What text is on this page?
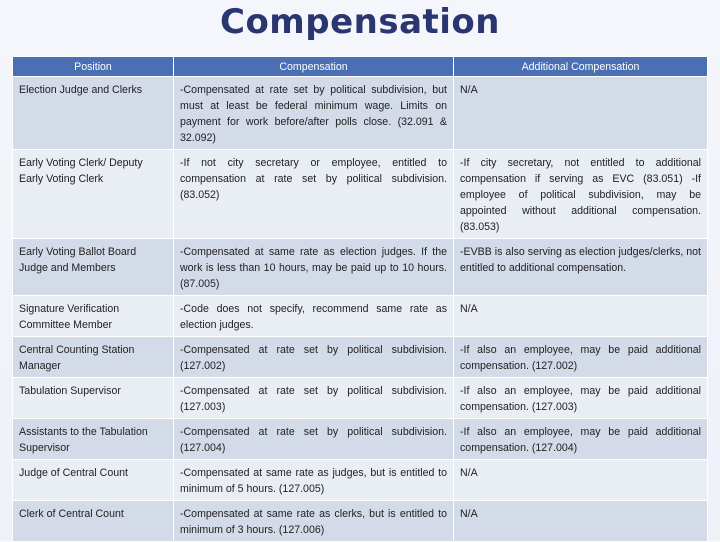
Compensation
Position	Compensation	Additional Compensation
Election Judge and Clerks	-Compensated at rate set by political subdivision, but must at least be federal minimum wage. Limits on payment for work before/after polls close. (32.091 & 32.092)	N/A
Early Voting Clerk/ Deputy Early Voting Clerk	-If not city secretary or employee, entitled to compensation at rate set by political subdivision. (83.052)	-If city secretary, not entitled to additional compensation if serving as EVC (83.051) -If employee of political subdivision, may be appointed without additional compensation. (83.053)
Early Voting Ballot Board Judge and Members	-Compensated at same rate as election judges. If the work is less than 10 hours, may be paid up to 10 hours. (87.005)	-EVBB is also serving as election judges/clerks, not entitled to additional compensation.
Signature Verification Committee Member	-Code does not specify, recommend same rate as election judges.	N/A
Central Counting Station Manager	-Compensated at rate set by political subdivision. (127.002)	-If also an employee, may be paid additional compensation. (127.002)
Tabulation Supervisor	-Compensated at rate set by political subdivision. (127.003)	-If also an employee, may be paid additional compensation. (127.003)
Assistants to the Tabulation Supervisor	-Compensated at rate set by political subdivision. (127.004)	-If also an employee, may be paid additional compensation. (127.004)
Judge of Central Count	-Compensated at same rate as judges, but is entitled to minimum of 5 hours. (127.005)	N/A
Clerk of Central Count	-Compensated at same rate as clerks, but is entitled to minimum of 3 hours. (127.006)	N/A
